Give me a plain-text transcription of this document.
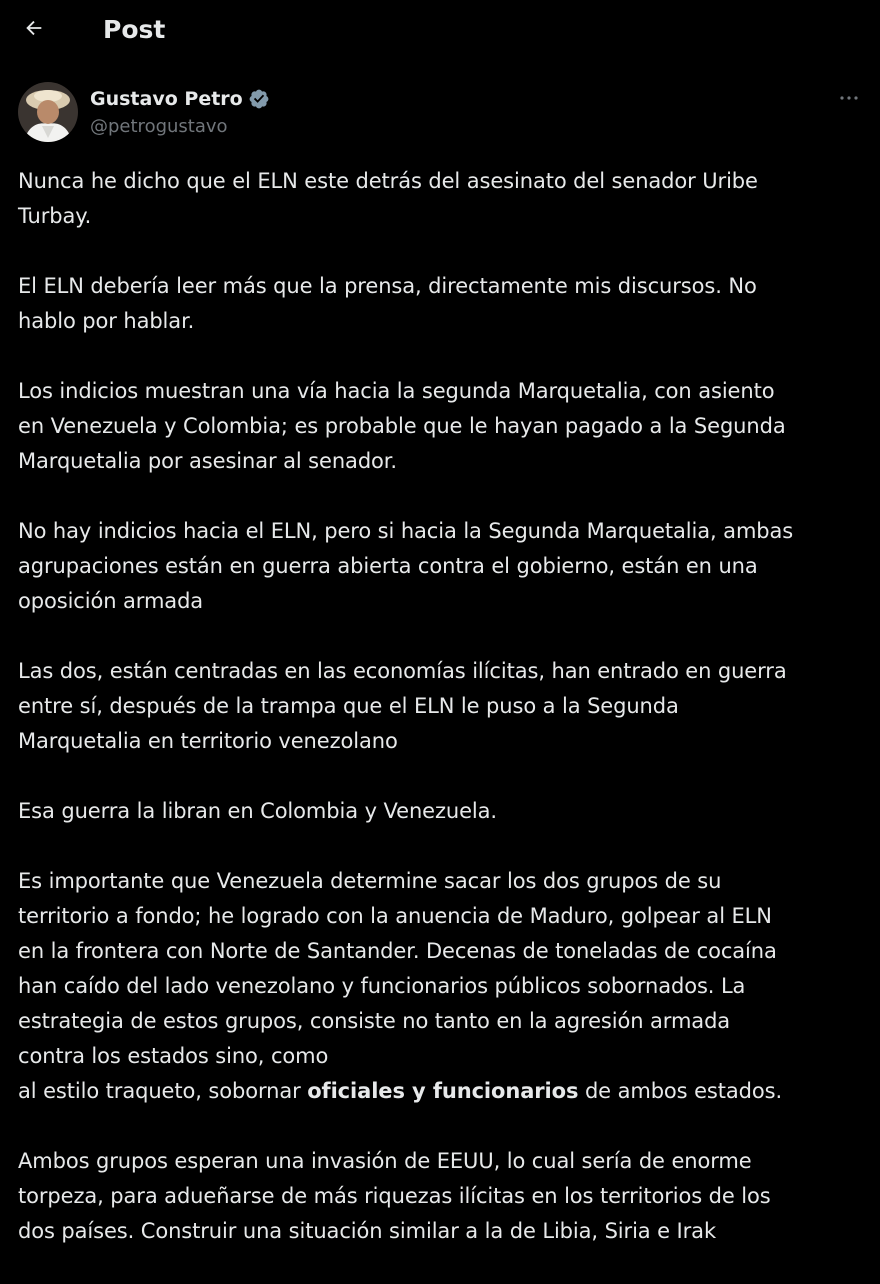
Post
Gustavo Petro
@petrogustavo
Nunca he dicho que el ELN este detrás del asesinato del senador Uribe
Turbay.
El ELN debería leer más que la prensa, directamente mis discursos. No
hablo por hablar.
Los indicios muestran una vía hacia la segunda Marquetalia, con asiento
en Venezuela y Colombia; es probable que le hayan pagado a la Segunda
Marquetalia por asesinar al senador.
No hay indicios hacia el ELN, pero si hacia la Segunda Marquetalia, ambas
agrupaciones están en guerra abierta contra el gobierno, están en una
oposición armada
Las dos, están centradas en las economías ilícitas, han entrado en guerra
entre sí, después de la trampa que el ELN le puso a la Segunda
Marquetalia en territorio venezolano
Esa guerra la libran en Colombia y Venezuela.
Es importante que Venezuela determine sacar los dos grupos de su
territorio a fondo; he logrado con la anuencia de Maduro, golpear al ELN
en la frontera con Norte de Santander. Decenas de toneladas de cocaína
han caído del lado venezolano y funcionarios públicos sobornados. La
estrategia de estos grupos, consiste no tanto en la agresión armada
contra los estados sino, como
al estilo traqueto, sobornar oficiales y funcionarios de ambos estados.
Ambos grupos esperan una invasión de EEUU, lo cual sería de enorme
torpeza, para adueñarse de más riquezas ilícitas en los territorios de los
dos países. Construir una situación similar a la de Libia, Siria e Irak
